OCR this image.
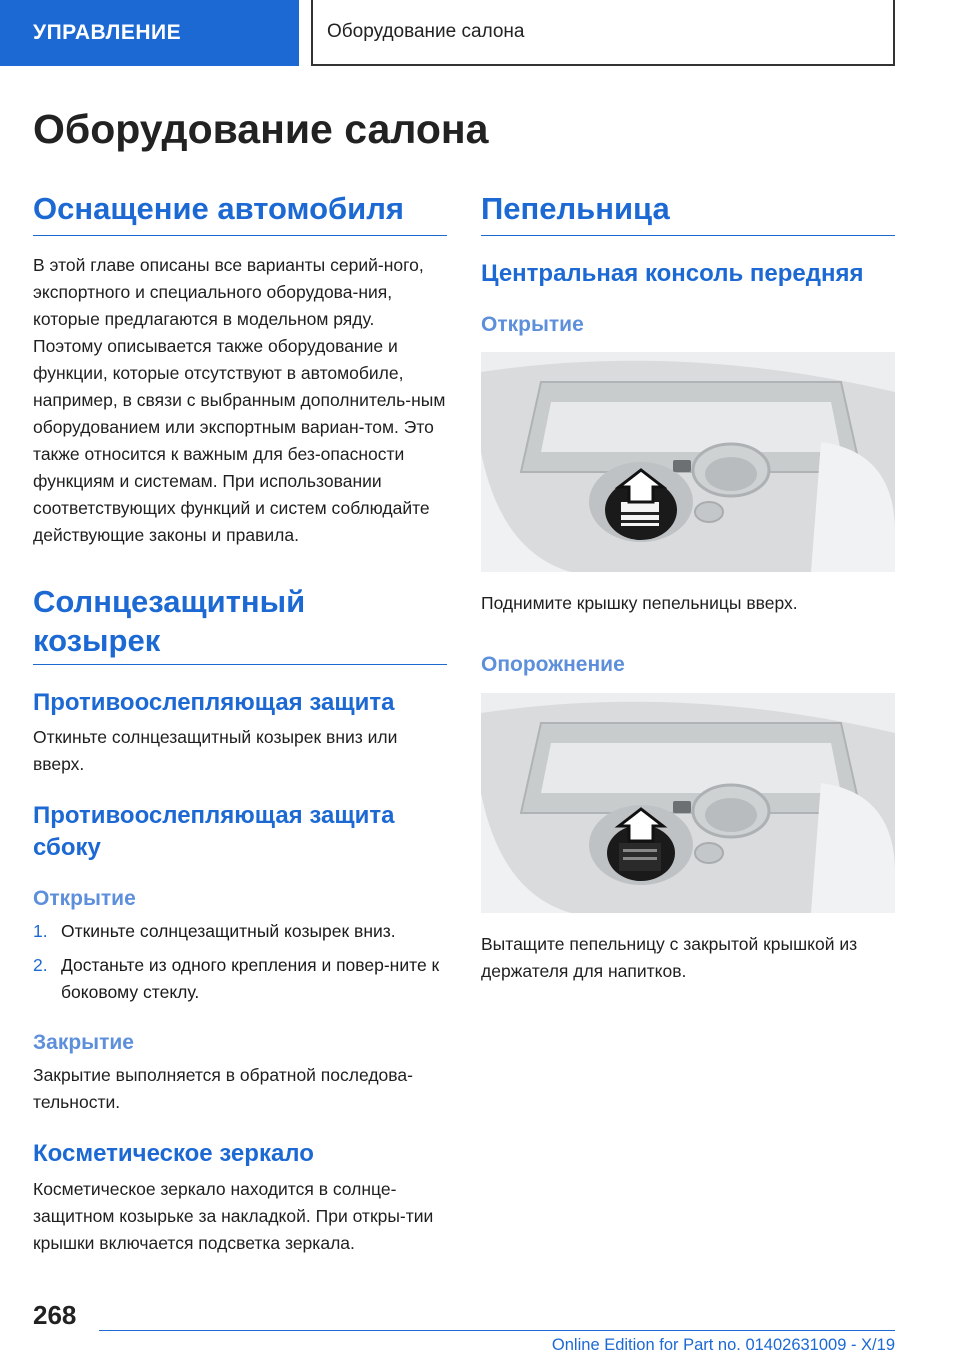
УПРАВЛЕНИЕ	Оборудование салона
Оборудование салона
Оснащение автомобиля

В этой главе описаны все варианты серий-ного, экспортного и специального оборудова-ния, которые предлагаются в модельном ряду. Поэтому описывается также оборудование и функции, которые отсутствуют в автомобиле, например, в связи с выбранным дополнитель-ным оборудованием или экспортным вариан-том. Это также относится к важным для без-опасности функциям и системам. При использовании соответствующих функций и систем соблюдайте действующие законы и правила.

Солнцезащитный козырек
Противоослепляющая защита

Откиньте солнцезащитный козырек вниз или вверх.

Противоослепляющая защита сбоку
Открытие
1. Откиньте солнцезащитный козырек вниз.
2. Достаньте из одного крепления и повер-ните к боковому стеклу.
Закрытие

Закрытие выполняется в обратной последова-тельности.

Косметическое зеркало

Косметическое зеркало находится в солнце-защитном козырьке за накладкой. При откры-тии крышки включается подсветка зеркала.

Пепельница
Центральная консоль передняя
Открытие

Поднимите крышку пепельницы вверх.

Опорожнение

Вытащите пепельницу с закрытой крышкой из держателя для напитков.

268
Online Edition for Part no. 01402631009 - X/19
